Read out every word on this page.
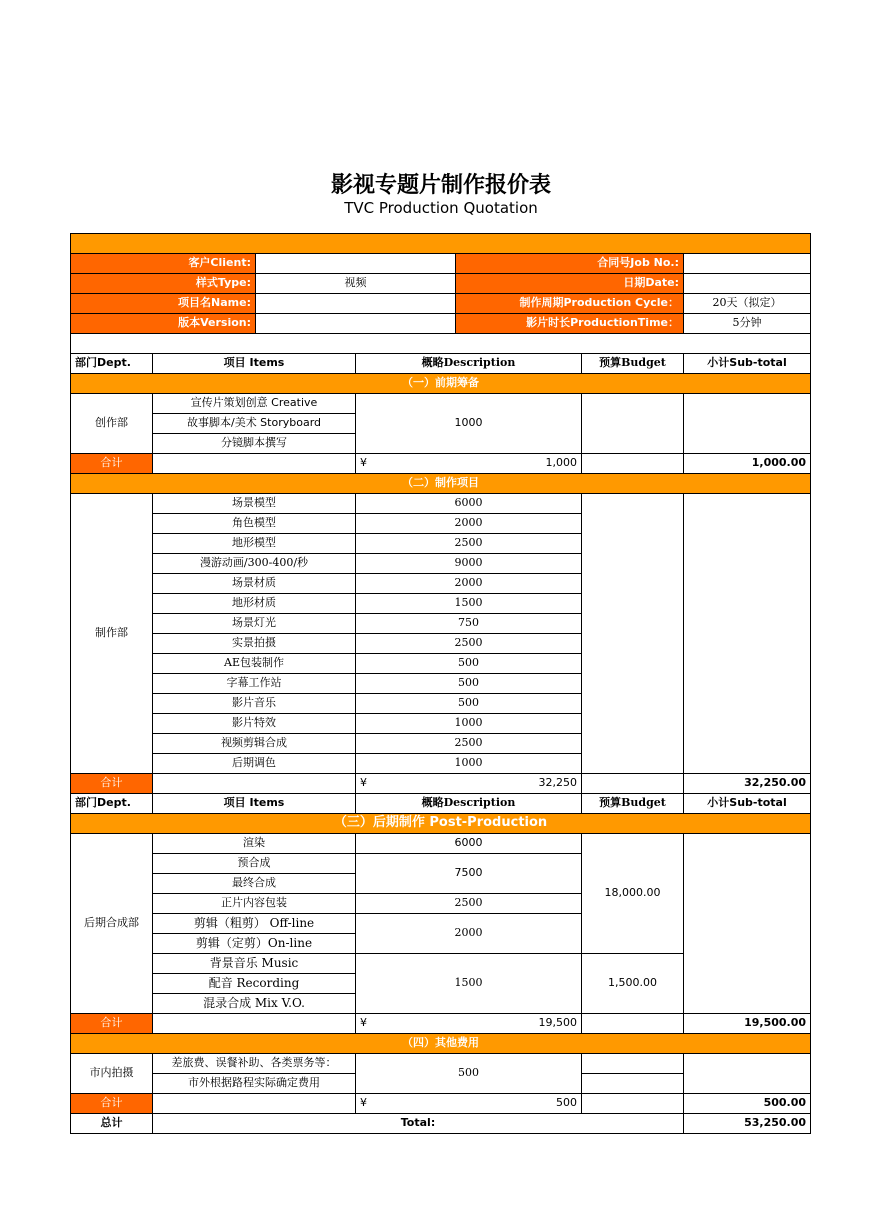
影视专题片制作报价表
TVC Production Quotation

客户Client:				合同号Job No.:		
样式Type:		视频		日期Date:		
项目名Name:				制作周期Production Cycle：		20天（拟定）
版本Version:				影片时长ProductionTime：		5分钟

部门Dept.	项目 Items		概略Description		预算Budget	小计Sub-total
（一）前期筹备						
创作部	宣传片策划创意 Creative		1000			
	故事脚本/美术 Storyboard					
	分镜脚本撰写					
合计			¥	1,000		1,000.00
（二）制作项目						
制作部	场景模型		6000			
	角色模型		2000			
	地形模型		2500			
	漫游动画/300-400/秒		9000			
	场景材质		2000			
	地形材质		1500			
	场景灯光		750			
	实景拍摄		2500			
	AE包装制作		500			
	字幕工作站		500			
	影片音乐		500			
	影片特效		1000			
	视频剪辑合成		2500			
	后期调色		1000			
合计			¥	32,250		32,250.00
部门Dept.	项目 Items		概略Description		预算Budget	小计Sub-total
（三）后期制作 Post-Production						
后期合成部	渲染		6000		18,000.00	
	预合成		7500			
	最终合成					
	正片内容包装		2500			
	剪辑（粗剪） Off-line		2000			
	剪辑（定剪）On-line					
	背景音乐 Music		1500		1,500.00	
	配音 Recording					
	混录合成 Mix V.O.					
合计			¥	19,500		19,500.00
（四）其他费用						
市内拍摄	差旅费、误餐补助、各类票务等：		500			
	市外根据路程实际确定费用					
合计			¥	500		500.00
总计	Total:					53,250.00
